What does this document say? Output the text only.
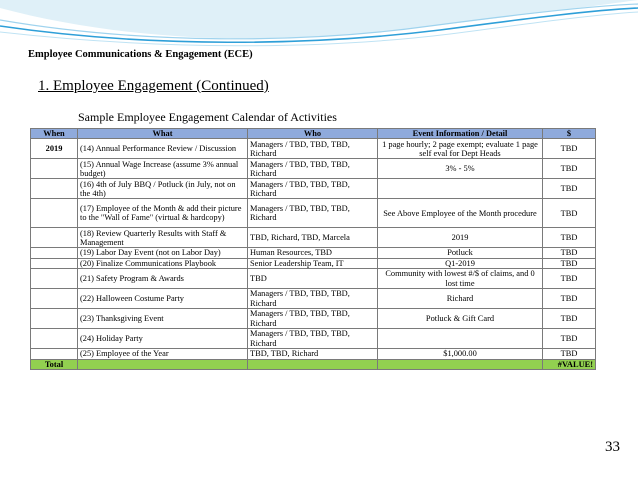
Employee Communications & Engagement (ECE)
1. Employee Engagement (Continued)
Sample Employee Engagement Calendar of Activities
When	What	Who	Event Information / Detail	$
2019	(14) Annual Performance Review / Discussion	Managers / TBD, TBD, TBD, Richard	1 page hourly; 2 page exempt; evaluate 1 page self eval for Dept Heads	TBD
	(15) Annual Wage Increase (assume 3% annual budget)	Managers / TBD, TBD, TBD, Richard	3% - 5%	TBD
	(16) 4th of July BBQ / Potluck (in July, not on the 4th)	Managers / TBD, TBD, TBD, Richard		TBD
	(17) Employee of the Month & add their picture to the "Wall of Fame" (virtual & hardcopy)	Managers / TBD, TBD, TBD, Richard	See Above Employee of the Month procedure	TBD
	(18) Review Quarterly Results with Staff & Management	TBD, Richard, TBD, Marcela	2019	TBD
	(19) Labor Day Event (not on Labor Day)	Human Resources, TBD	Potluck	TBD
	(20) Finalize Communications Playbook	Senior Leadership Team, IT	Q1-2019	TBD
	(21) Safety Program & Awards	TBD	Community with lowest #/$ of claims, and 0 lost time	TBD
	(22) Halloween Costume Party	Managers / TBD, TBD, TBD, Richard	Richard	TBD
	(23) Thanksgiving Event	Managers / TBD, TBD, TBD, Richard	Potluck & Gift Card	TBD
	(24) Holiday Party	Managers / TBD, TBD, TBD, Richard		TBD
	(25) Employee of the Year	TBD, TBD, Richard	$1,000.00	TBD
Total				#VALUE!
33
